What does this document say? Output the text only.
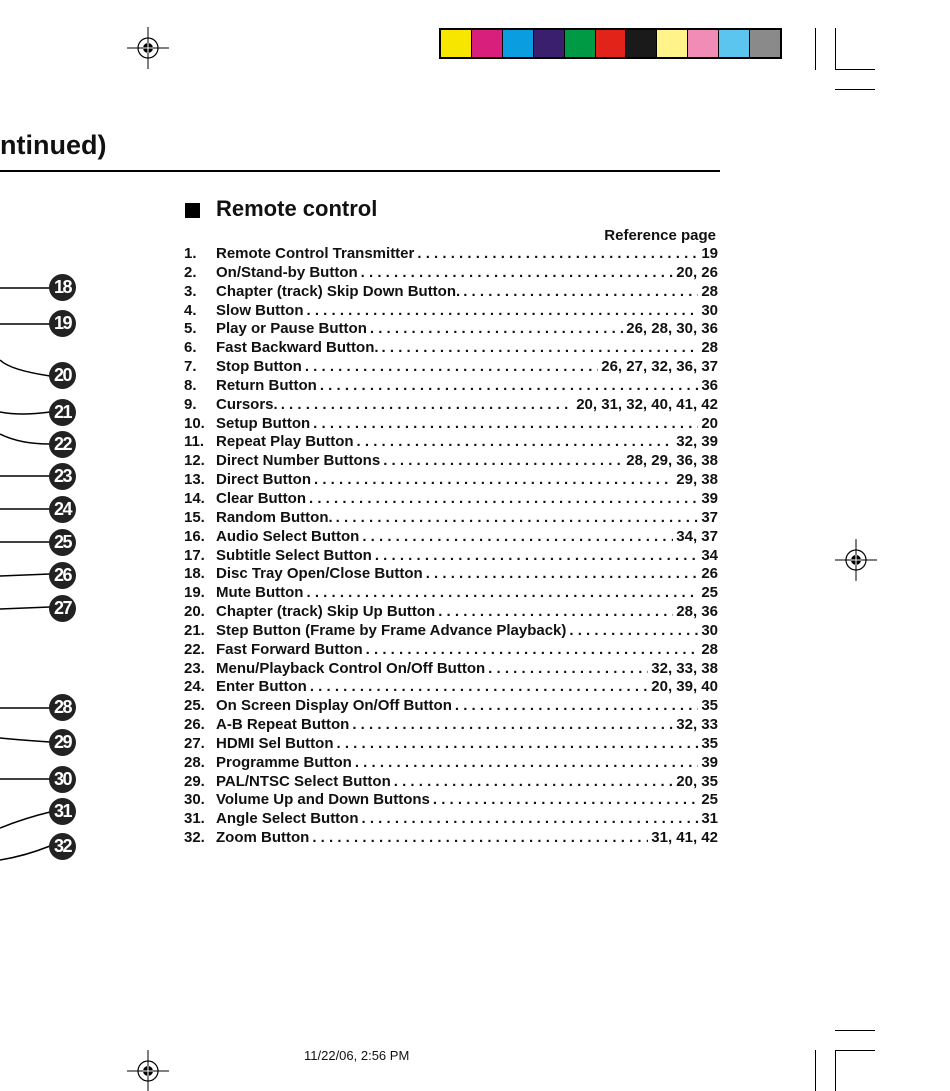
ntinued)
Remote control
Reference page
1.	Remote Control Transmitter . . .	19
2.	On/Stand-by Button . . .	20, 26
3.	Chapter (track) Skip Down Button. . . .	28
4.	Slow Button . . .	30
5.	Play or Pause Button . . .	26, 28, 30, 36
6.	Fast Backward Button. . . .	28
7.	Stop Button . . .	26, 27, 32, 36, 37
8.	Return Button . . .	36
9.	Cursors. . . .	20, 31, 32, 40, 41, 42
10. Setup Button . . .	20
11. Repeat Play Button . . .	32, 39
12. Direct Number Buttons . . .	28, 29, 36, 38
13. Direct Button . . .	29, 38
14. Clear Button . . .	39
15. Random Button. . . .	37
16. Audio Select Button . . .	34, 37
17. Subtitle Select Button . . .	34
18. Disc Tray Open/Close Button . . .	26
19. Mute Button . . .	25
20. Chapter (track) Skip Up Button . . .	28, 36
21. Step Button (Frame by Frame Advance Playback) . . .	30
22. Fast Forward Button . . .	28
23. Menu/Playback Control On/Off Button . . .	32, 33, 38
24. Enter Button . . .	20, 39, 40
25. On Screen Display On/Off Button . . .	35
26. A-B Repeat Button . . .	32, 33
27. HDMI Sel Button . . .	35
28. Programme Button . . .	39
29. PAL/NTSC Select Button . . .	20, 35
30. Volume Up and Down Buttons . . .	25
31. Angle Select Button . . .	31
32. Zoom Button . . .	31, 41, 42
18
19
20
21
22
23
24
25
26
27
28
29
30
31
32
11/22/06, 2:56 PM
